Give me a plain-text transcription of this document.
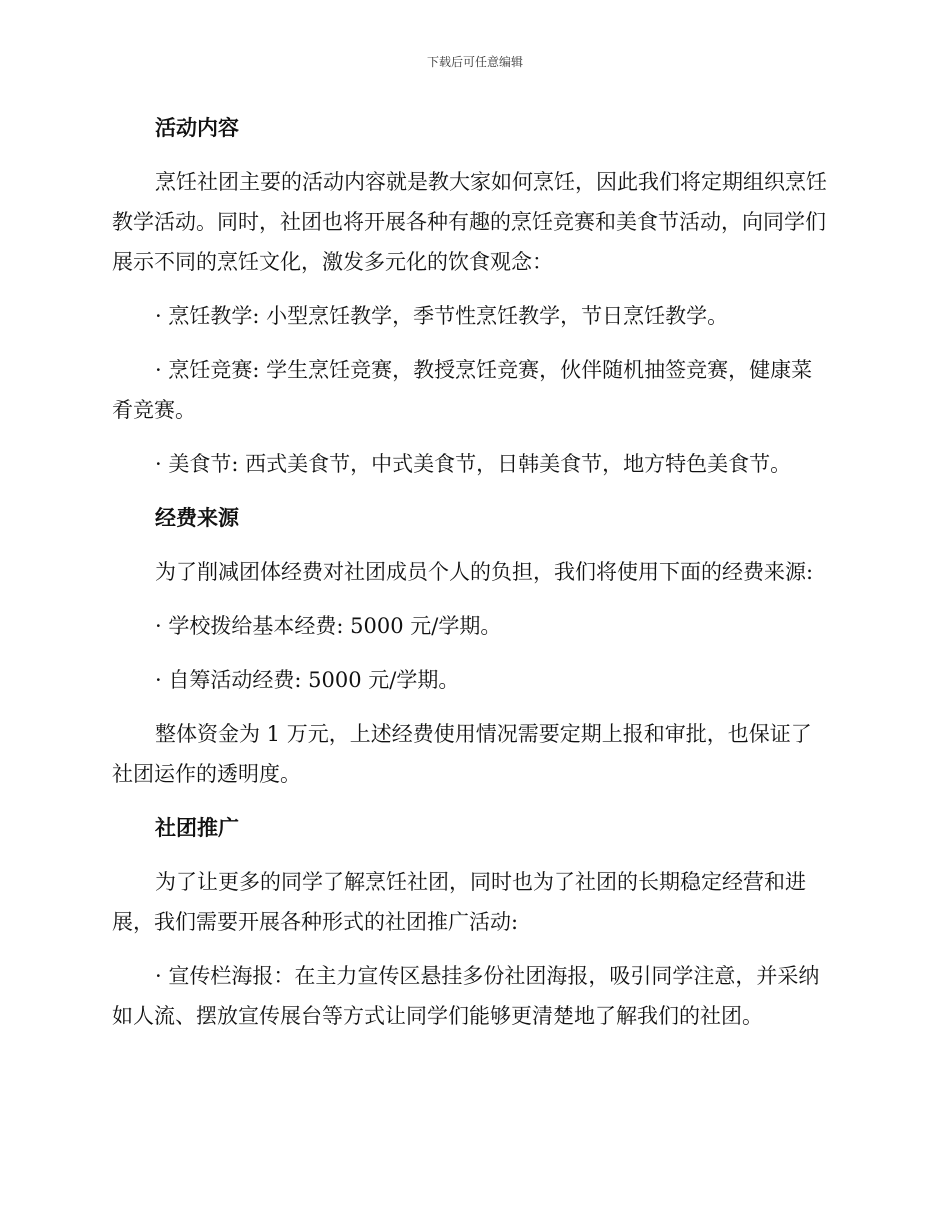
下载后可任意编辑
活动内容
烹饪社团主要的活动内容就是教大家如何烹饪，因此我们将定期组织烹饪教学活动。同时，社团也将开展各种有趣的烹饪竞赛和美食节活动，向同学们展示不同的烹饪文化，激发多元化的饮食观念：
· 烹饪教学: 小型烹饪教学，季节性烹饪教学，节日烹饪教学。
· 烹饪竞赛: 学生烹饪竞赛，教授烹饪竞赛，伙伴随机抽签竞赛，健康菜肴竞赛。
· 美食节: 西式美食节，中式美食节，日韩美食节，地方特色美食节。
经费来源
为了削减团体经费对社团成员个人的负担，我们将使用下面的经费来源:
· 学校拨给基本经费: 5000 元/学期。
· 自筹活动经费: 5000 元/学期。
整体资金为 1 万元，上述经费使用情况需要定期上报和审批，也保证了社团运作的透明度。
社团推广
为了让更多的同学了解烹饪社团，同时也为了社团的长期稳定经营和进展，我们需要开展各种形式的社团推广活动:
· 宣传栏海报：在主力宣传区悬挂多份社团海报，吸引同学注意，并采纳如人流、摆放宣传展台等方式让同学们能够更清楚地了解我们的社团。
